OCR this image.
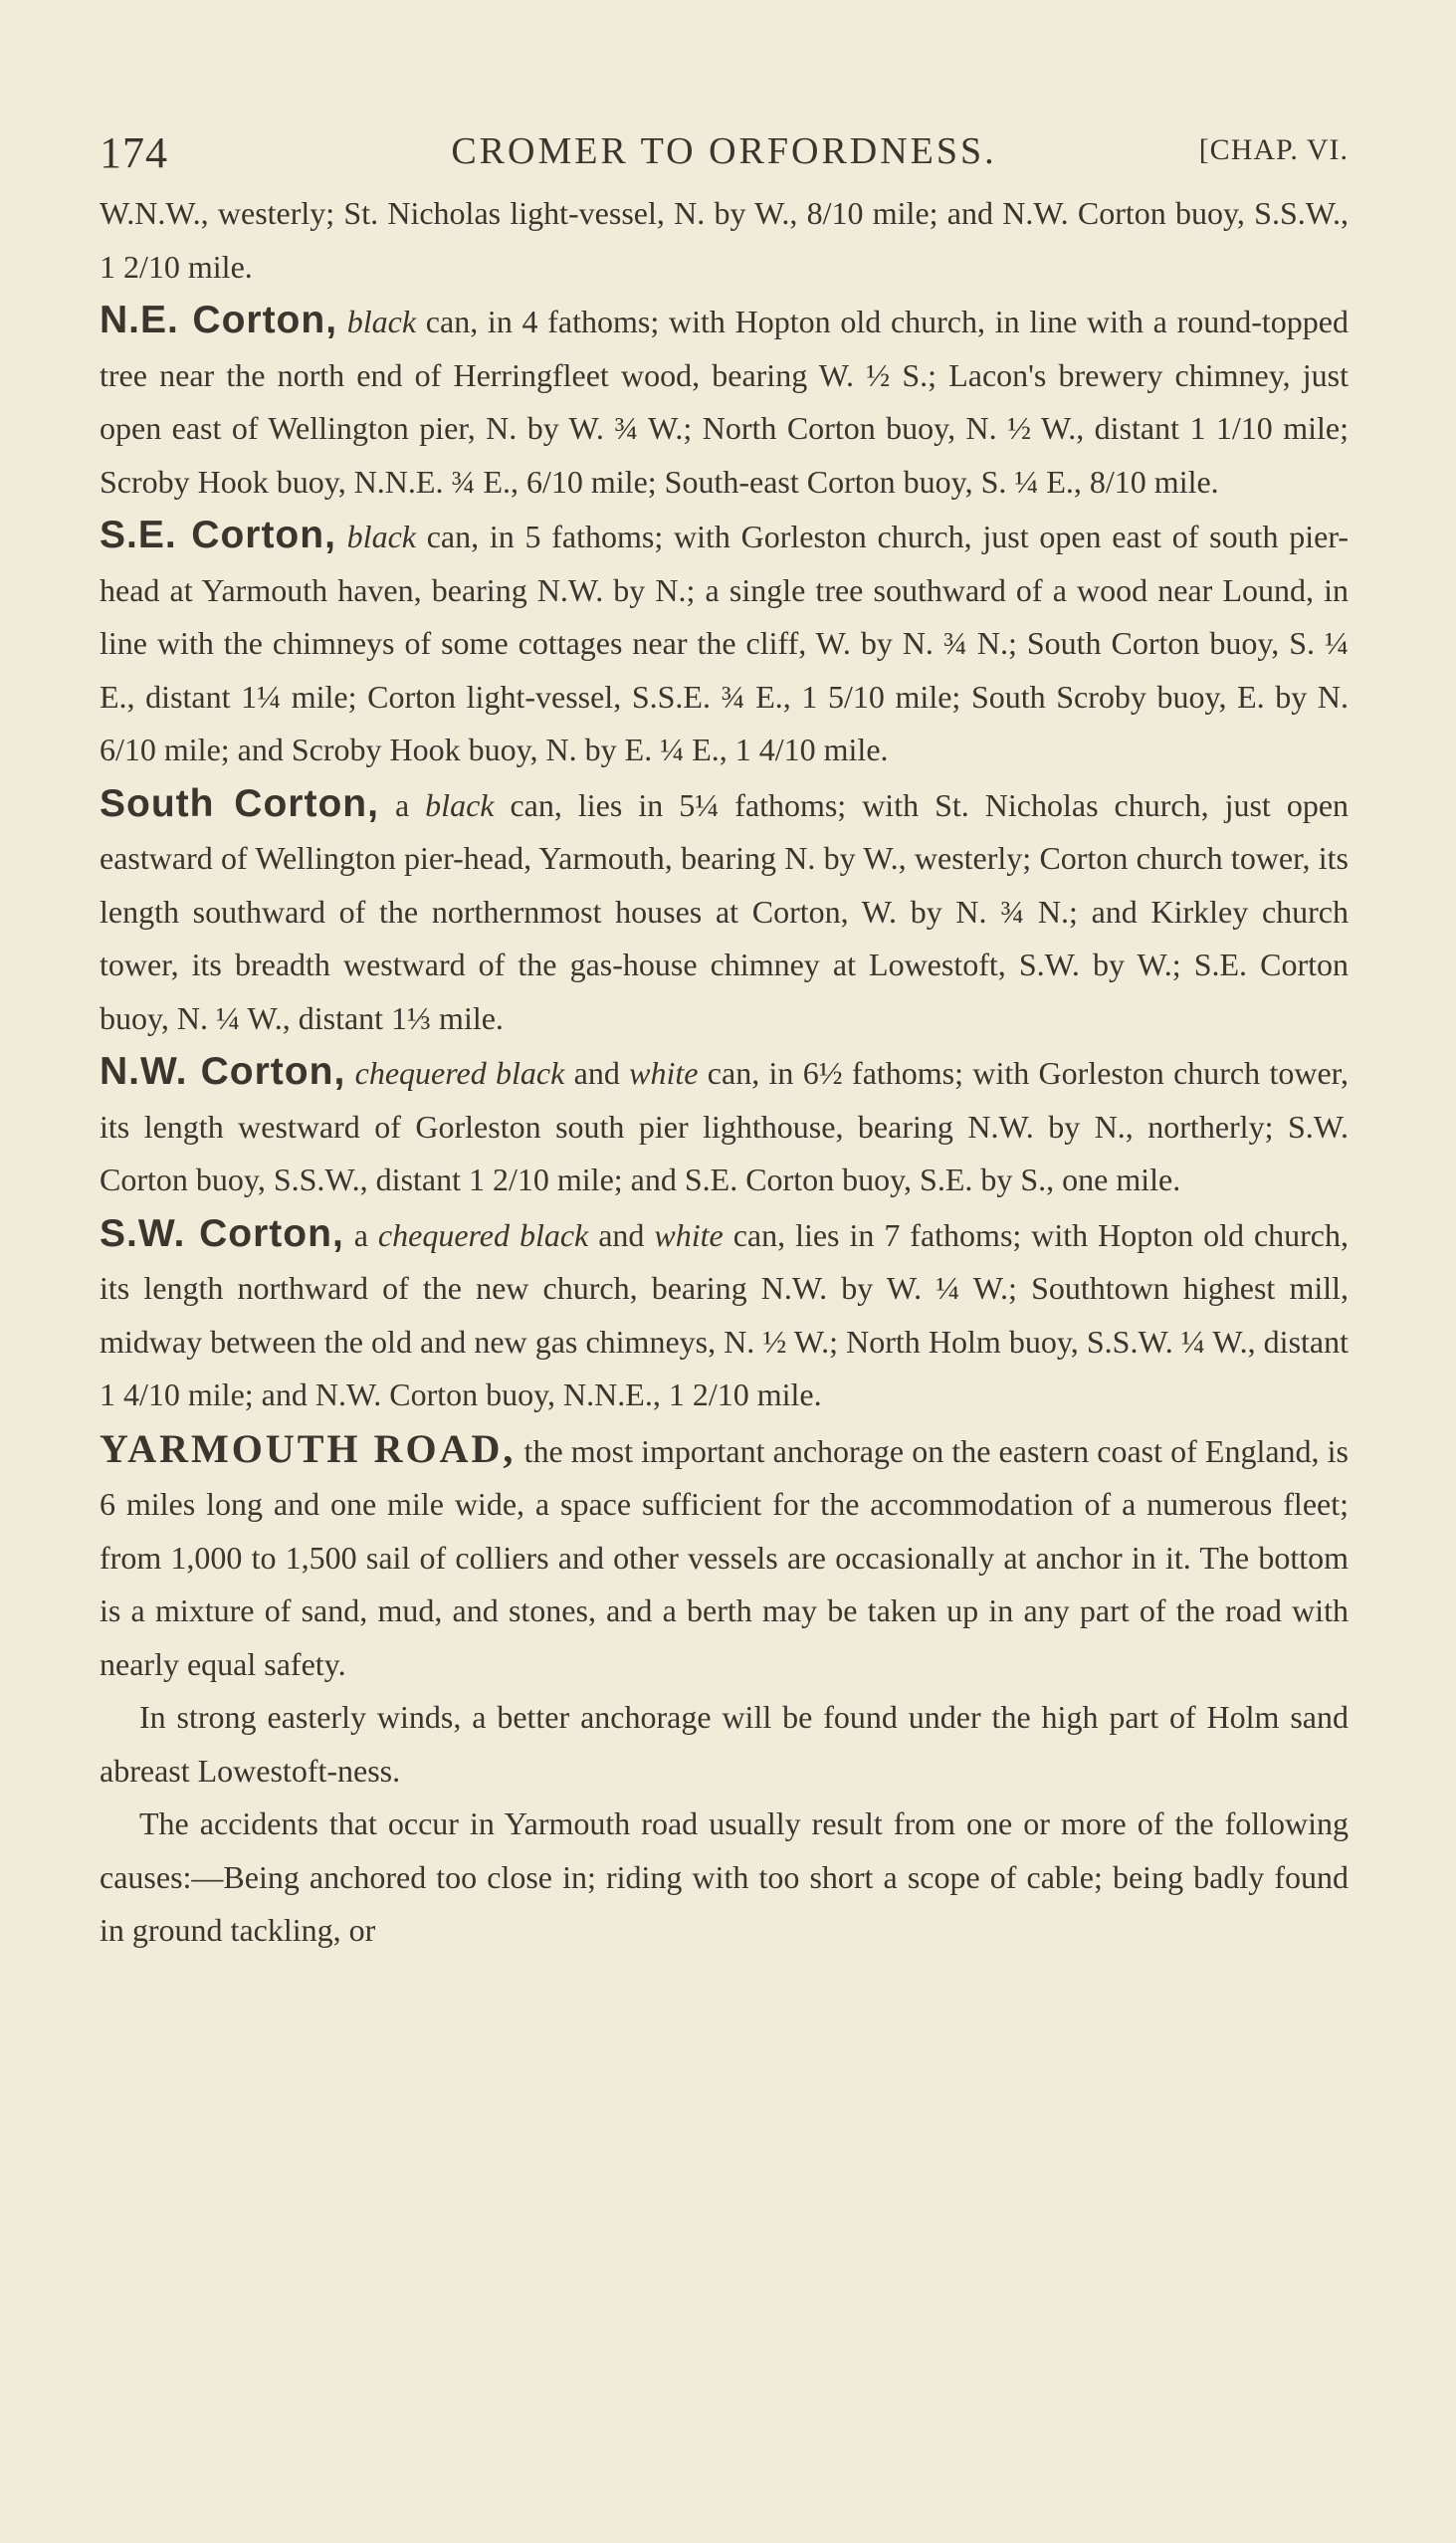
174	CROMER TO ORFORDNESS.	[CHAP. VI.

W.N.W., westerly; St. Nicholas light-vessel, N. by W., 8/10 mile; and N.W. Corton buoy, S.S.W., 1 2/10 mile.

N.E. Corton, black can, in 4 fathoms; with Hopton old church, in line with a round-topped tree near the north end of Herringfleet wood, bearing W. ½ S.; Lacon's brewery chimney, just open east of Wellington pier, N. by W. ¾ W.; North Corton buoy, N. ½ W., distant 1 1/10 mile; Scroby Hook buoy, N.N.E. ¾ E., 6/10 mile; South-east Corton buoy, S. ¼ E., 8/10 mile.

S.E. Corton, black can, in 5 fathoms; with Gorleston church, just open east of south pier-head at Yarmouth haven, bearing N.W. by N.; a single tree southward of a wood near Lound, in line with the chimneys of some cottages near the cliff, W. by N. ¾ N.; South Corton buoy, S. ¼ E., distant 1¼ mile; Corton light-vessel, S.S.E. ¾ E., 1 5/10 mile; South Scroby buoy, E. by N. 6/10 mile; and Scroby Hook buoy, N. by E. ¼ E., 1 4/10 mile.

South Corton, a black can, lies in 5¼ fathoms; with St. Nicholas church, just open eastward of Wellington pier-head, Yarmouth, bearing N. by W., westerly; Corton church tower, its length southward of the northernmost houses at Corton, W. by N. ¾ N.; and Kirkley church tower, its breadth westward of the gas-house chimney at Lowestoft, S.W. by W.; S.E. Corton buoy, N. ¼ W., distant 1⅓ mile.

N.W. Corton, chequered black and white can, in 6½ fathoms; with Gorleston church tower, its length westward of Gorleston south pier lighthouse, bearing N.W. by N., northerly; S.W. Corton buoy, S.S.W., distant 1 2/10 mile; and S.E. Corton buoy, S.E. by S., one mile.

S.W. Corton, a chequered black and white can, lies in 7 fathoms; with Hopton old church, its length northward of the new church, bearing N.W. by W. ¼ W.; Southtown highest mill, midway between the old and new gas chimneys, N. ½ W.; North Holm buoy, S.S.W. ¼ W., distant 1 4/10 mile; and N.W. Corton buoy, N.N.E., 1 2/10 mile.

YARMOUTH ROAD, the most important anchorage on the eastern coast of England, is 6 miles long and one mile wide, a space sufficient for the accommodation of a numerous fleet; from 1,000 to 1,500 sail of colliers and other vessels are occasionally at anchor in it. The bottom is a mixture of sand, mud, and stones, and a berth may be taken up in any part of the road with nearly equal safety.

In strong easterly winds, a better anchorage will be found under the high part of Holm sand abreast Lowestoft-ness.

The accidents that occur in Yarmouth road usually result from one or more of the following causes:—Being anchored too close in; riding with too short a scope of cable; being badly found in ground tackling, or
